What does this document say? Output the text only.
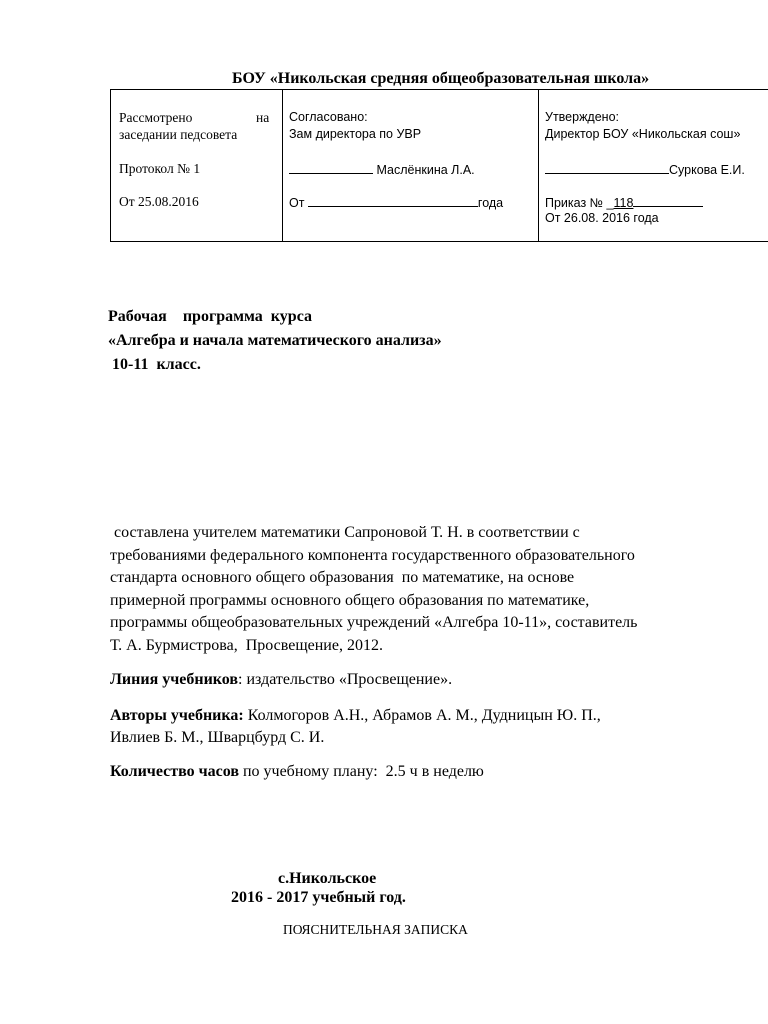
БОУ «Никольская средняя общеобразовательная школа»
Рассмотрено	на
заседании педсовета
Протокол № 1
От 25.08.2016
Согласовано:
Зам директора по УВР
Маслёнкина Л.А.
От	года
Утверждено:
Директор БОУ «Никольская сош»
Суркова Е.И.
Приказ № _118
От 26.08. 2016 года
Рабочая    программа  курса
«Алгебра и начала математического анализа»
10-11  класс.

составлена учителем математики Сапроновой Т. Н. в соответствии с

требованиями федерального компонента государственного образовательного

стандарта основного общего образования  по математике, на основе

примерной программы основного общего образования по математике,

программы общеобразовательных учреждений «Алгебра 10-11», составитель

Т. А. Бурмистрова,  Просвещение, 2012.

Линия учебников: издательство «Просвещение».
Авторы учебника: Колмогоров А.Н., Абрамов А. М., Дудницын Ю. П.,
Ивлиев Б. М., Шварцбурд С. И.
Количество часов по учебному плану:  2.5 ч в неделю
с.Никольское
2016 - 2017 учебный год.
ПОЯСНИТЕЛЬНАЯ ЗАПИСКА
